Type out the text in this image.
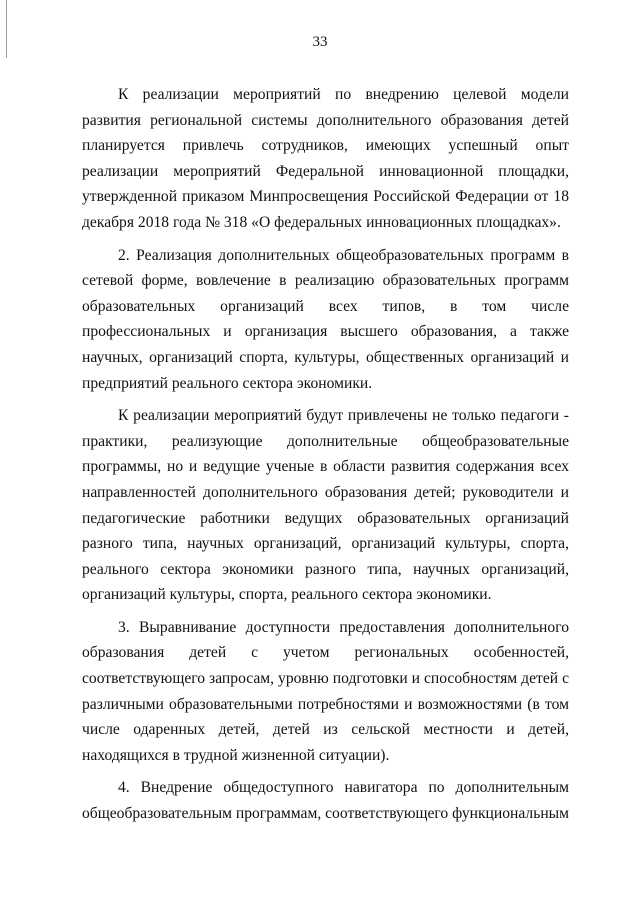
33

К реализации мероприятий по внедрению целевой модели развития региональной системы дополнительного образования детей планируется привлечь сотрудников, имеющих успешный опыт реализации мероприятий Федеральной инновационной площадки, утвержденной приказом Минпросвещения Российской Федерации от 18 декабря 2018 года № 318 «О федеральных инновационных площадках».

2. Реализация дополнительных общеобразовательных программ в сетевой форме, вовлечение в реализацию образовательных программ образовательных организаций всех типов, в том числе профессиональных и организация высшего образования, а также научных, организаций спорта, культуры, общественных организаций и предприятий реального сектора экономики.

К реализации мероприятий будут привлечены не только педагоги - практики, реализующие дополнительные общеобразовательные программы, но и ведущие ученые в области развития содержания всех направленностей дополнительного образования детей; руководители и педагогические работники ведущих образовательных организаций разного типа, научных организаций, организаций культуры, спорта, реального сектора экономики разного типа, научных организаций, организаций культуры, спорта, реального сектора экономики.

3. Выравнивание доступности предоставления дополнительного образования детей с учетом региональных особенностей, соответствующего запросам, уровню подготовки и способностям детей с различными образовательными потребностями и возможностями (в том числе одаренных детей, детей из сельской местности и детей, находящихся в трудной жизненной ситуации).

4. Внедрение общедоступного навигатора по дополнительным общеобразовательным программам, соответствующего функциональным
